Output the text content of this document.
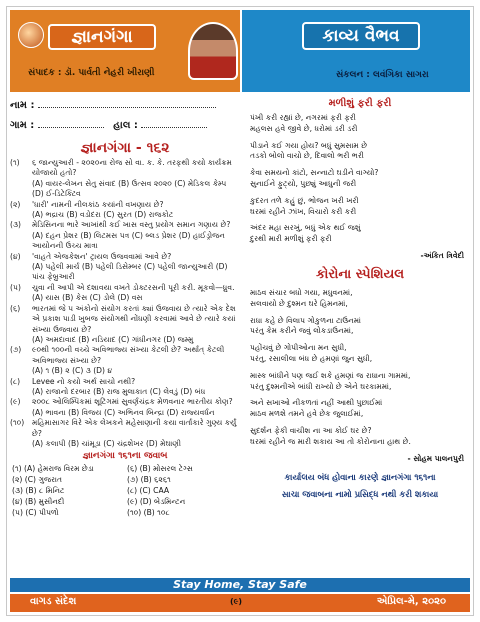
જ્ઞાનગંગા
સંપાદક : ડૉ. પાર્વતી નેહરી ખીરાણી
કાવ્ય વૈભવ
સંકલન : લવંગિકા સાગરા
નામ :
ગામ :	હાલ :
જ્ઞાનગંગા - ૧૬૨
(૧)	૬ જાન્યુઆરી - ૨૦૨૦ના રોજ સો વા. ક. કે. તરફથી કયો કાર્યક્રમ યોજાયો હતો?
(A) વાયર-લેખન સેતુ સંવાદ (B) ઉત્સવ ૨૦૨૦ (C) મેડિકલ કેમ્પ (D) ઈ-ડિટેક્ટિવ
(૨)	'ધારી' નામની નીલકાંઠ કયાંની વખણાય છે?
(A) ભદ્રાચ (B) વડોદરા (C) સુરત (D) રાજકોટ
(૩)	મેડિસિનના ભારે આખાંથી કઈ ખાસ વસ્તુ પ્રયોગ સમાન ગણાય છે?
(A) દહન પ્રેશર (B) લિટમસ પત્ર (C) બ્લડ પ્રેશર (D) હાઈડ્રોજન આયોનની ઉચ્ચ માત્રા
(૪)	'વાહતે એજકેશન' ટ્રાયલ ઉજવવામાં આવે છે?
(A) પહેલી માર્ચ (B) પહેલી ડિસેમ્બર (C) પહેલી જાન્યુઆરી (D) પાંચ ફેબ્રુઆરી
(૫)	ચુવા ની આપી એ દશાવયા વખતે ડોક્ટરસની પૂરી કરી. મૂકવો—ધ્રુવ.
(A) યાસ (B) કેસ (C) ડોલે (D) વસ
(૬)	ભારતમાં જે ૫ અંકોનો સંયોગ કરતાં ક્યાં ઉજવાય છે ત્યારે એક દેશ એ પ્રકાશ પાડી ખુબજ સંયોગથી નોંધણી કરવામાં આવે છે ત્યારે કયાં સંખ્યા ઉજવાય છે?
(A) અમદાવાદ (B) નડિયાદ (C) ગાંધીનગર (D) જમ્મુ
(૭)	૯૦થી ૧૦૦ની વચ્ચે અવિભાજ્ય સંખ્યા કેટલી છે? અર્થાત્ કેટલી અવિભાજ્ય સંખ્યા છે?
(A) ૧ (B) ૨ (C) ૩ (D) ૪
(૮)	Levee નો કયો અર્થ સાચો નથી?
(A) રાજાનો દરબાર (B) રાજ મુલાકાત (C) લેવડું (D) બંધ
(૯)	૨૦૦૮ ઓલિમ્પિકમાં શૂટિંગમાં સુવર્ણચંદ્રક મેળવનાર ભારતીય કોણ?
(A) ભાવના (B) વિજય (C) અભિનવ બિન્દ્રા (D) રાજ્યવર્ધન
(૧૦)	મહિમાસાગર વિરે એક લેખકને મહેસાણાની કયા વાર્તાકારે ગુણ્ય કર્યું છે?
(A) કલાપી (B) ચાંમૂડા (C) ચંદ્રશેખર (D) મેઘાણી
જ્ઞાનગંગા ૧૬૧ના જવાબ
(૧) (A) હેમરાજ વિરમ છેડા	(૬) (B) મોસરલ ટેગ્સ
(૨) (C) ગુજરાત	(૭) (B) ૬૨૬૧
(૩) (B) ૮ મિનિટ	(૮) (C) CAA
(૪) (B) મુસીનદી	(૯) (D) બેડમિન્ટન
(૫) (C) પીપળો	(૧૦) (B) ૧૦૮
મળીશું ફરી ફરી
પંખી કરી રહ્યાં છે, નગરમાં ફરી ફરી
મહલસ હવે જીવે છે, ધરોમાં ડરી ડરી
પીડાને કઈ ગયા હોય? બધું સુમસામ છે
તડકો બોલો વાચો છે, દિવાલો ભરી ભરી
કેવા સમયનો કાંટો, સન્નાટો ઘડીને વાગ્યો?
સુનાઈને ફુટ્યો, પુછ્યું આધુની જરી
કુદરત તળે કહું છું, ભોજન ખરી ખરી
ઘરમાં રહીને ઝાંખ, વિચારો કરી કરી
અંદર મહા સરખું, બધું એક થઈ જશું
દુરથી મારી મળીશું ફરી ફરી
-અંકિત ત્રિવેદી
કોરોના સ્પેશિયલ
માઠવ સંચાર બધો ગયા, મધુવનમાં,
સલવાયો છે દુશ્મન ઘરે હિમનમાં,
રાધા કહે છે વિલાપ ગોકુળના ટાઉનમાં
પરંતુ કેમ કરીને જવું લોકડાઉનમાં,
પહોંચવું છે ગોપીઓના મન સુધી,
પરંતુ, રસાલીલા બંધ છે હમણાં જુન સુધી,
માસ્ક બાંધીને પણ જઈ શકે હમણાં જ રાધાના ગામમાં,
પરંતુ દુશ્મનીએ બાંધી રાખ્યો છે એને ઘરકામમાં,
અને સખાઓ નીકળતાં નહીં આથી પુછાઈમાં
માઠવ મળશે તમને હવે છેક જુલાઈમાં,
સુદર્શન ફેકી વાચીશ ના આ કોઈ ઘર છે?
ઘરમાં રહીને જ મારી શકાય આ તો કોરોનાના હાથ છે.
- સોહમ પાલનપુરી
કાર્યાલય બંધ હોવાના કારણે જ્ઞાનગંગા ૧૬૧ના
સાચા જવાબના નામો પ્રસિદ્ધ નથી કરી શકાયા
Stay Home, Stay Safe
વાગડ સંદેશ	(૯)	એપ્રિલ-મે, ૨૦૨૦
